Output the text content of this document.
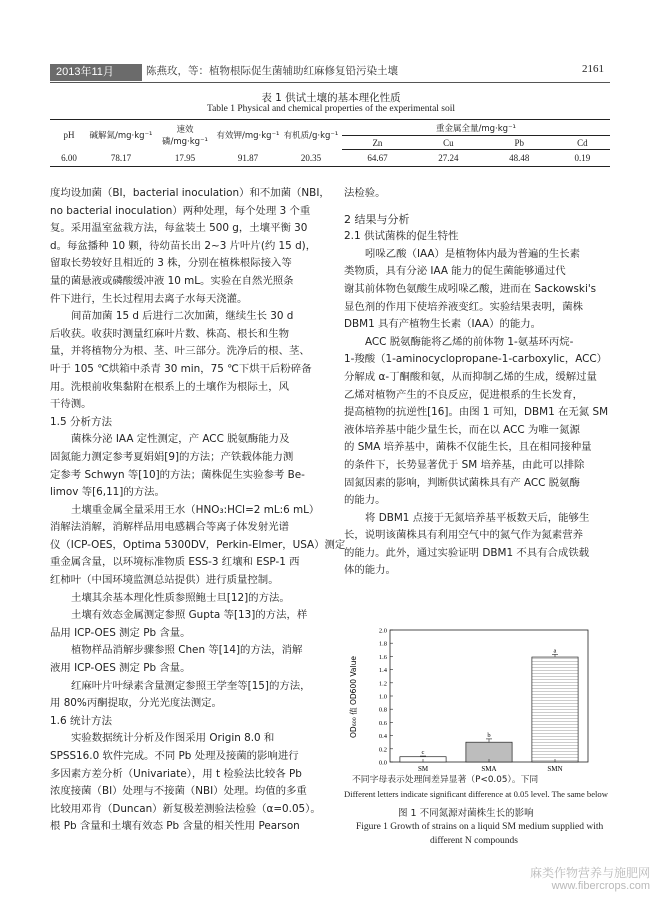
2013年11月	陈燕玫，等：植物根际促生菌辅助红麻修复铅污染土壤	2161
表 1 供试土壤的基本理化性质
Table 1 Physical and chemical properties of the experimental soil
pH	碱解氮/mg·kg⁻¹	速效磷/mg·kg⁻¹	有效钾/mg·kg⁻¹	有机质/g·kg⁻¹	重金属全量/mg·kg⁻¹			
					Zn	Cu	Pb	Cd
6.00	78.17	17.95	91.87	20.35	64.67	27.24	48.48	0.19

度均设加菌（BI，bacterial inoculation）和不加菌（NBI，

no bacterial inoculation）两种处理，每个处理 3 个重

复。采用温室盆栽方法，每盆装土 500 g，土壤平衡 30

d。每盆播种 10 颗，待幼苗长出 2~3 片叶片(约 15 d)，

留取长势较好且相近的 3 株，分别在植株根际接入等

量的菌悬液或磷酸缓冲液 10 mL。实验在自然光照条

件下进行，生长过程用去离子水每天浇灌。

间苗加菌 15 d 后进行二次加菌，继续生长 30 d

后收获。收获时测量红麻叶片数、株高、根长和生物

量，并将植物分为根、茎、叶三部分。洗净后的根、茎、

叶于 105 ℃烘箱中杀青 30 min，75 ℃下烘干后粉碎备

用。洗根前收集黏附在根系上的土壤作为根际土，风

干待测。

1.5 分析方法

菌株分泌 IAA 定性测定，产 ACC 脱氨酶能力及

固氮能力测定参考夏娟娟[9]的方法；产铁载体能力测

定参考 Schwyn 等[10]的方法；菌株促生实验参考 Be-

limov 等[6,11]的方法。

土壤重金属全量采用王水（HNO₃:HCl=2 mL:6 mL）

消解法消解，消解样品用电感耦合等离子体发射光谱

仪（ICP-OES，Optima 5300DV，Perkin-Elmer，USA）测定

重金属含量，以环境标准物质 ESS-3 红壤和 ESP-1 西

红柿叶（中国环境监测总站提供）进行质量控制。

土壤其余基本理化性质参照鲍士旦[12]的方法。

土壤有效态金属测定参照 Gupta 等[13]的方法，样

品用 ICP-OES 测定 Pb 含量。

植物样品消解步骤参照 Chen 等[14]的方法，消解

液用 ICP-OES 测定 Pb 含量。

红麻叶片叶绿素含量测定参照王学奎等[15]的方法，

用 80%丙酮提取，分光光度法测定。

1.6 统计方法

实验数据统计分析及作图采用 Origin 8.0 和

SPSS16.0 软件完成。不同 Pb 处理及接菌的影响进行

多因素方差分析（Univariate），用 t 检验法比较各 Pb

浓度接菌（BI）处理与不接菌（NBI）处理。均值的多重

比较用邓肯（Duncan）新复极差测验法检验（α=0.05）。

根 Pb 含量和土壤有效态 Pb 含量的相关性用 Pearson

法检验。

2 结果与分析

2.1 供试菌株的促生特性

吲哚乙酸（IAA）是植物体内最为普遍的生长素

类物质，具有分泌 IAA 能力的促生菌能够通过代

谢其前体物色氨酸生成吲哚乙酸，进而在 Sackowski's

显色剂的作用下使培养液变红。实验结果表明，菌株

DBM1 具有产植物生长素（IAA）的能力。

ACC 脱氨酶能将乙烯的前体物 1-氨基环丙烷-

1-羧酸（1-aminocyclopropane-1-carboxylic，ACC）

分解成 α-丁酮酸和氨，从而抑制乙烯的生成，缓解过量

乙烯对植物产生的不良反应，促进根系的生长发育，

提高植物的抗逆性[16]。由图 1 可知，DBM1 在无氮 SM

液体培养基中能少量生长，而在以 ACC 为唯一氮源

的 SMA 培养基中，菌株不仅能生长，且在相同接种量

的条件下，长势显著优于 SM 培养基，由此可以排除

固氮因素的影响，判断供试菌株具有产 ACC 脱氨酶

的能力。

将 DBM1 点接于无氮培养基平板数天后，能够生

长，说明该菌株具有利用空气中的氮气作为氮素营养

的能力。此外，通过实验证明 DBM1 不具有合成铁载

体的能力。

OD₆₀₀ 值 OD600 Value
0.0
0.2
0.4
0.6
0.8
1.0
1.2
1.4
1.6
1.8
2.0
c
SM
b
SMA
a
SMN
不同字母表示处理间差异显著（P<0.05）。下同
Different letters indicate significant difference at 0.05 level. The same below
图 1 不同氮源对菌株生长的影响
Figure 1 Growth of strains on a liquid SM medium supplied with
different N compounds
麻类作物营养与施肥网
www.fibercrops.com
